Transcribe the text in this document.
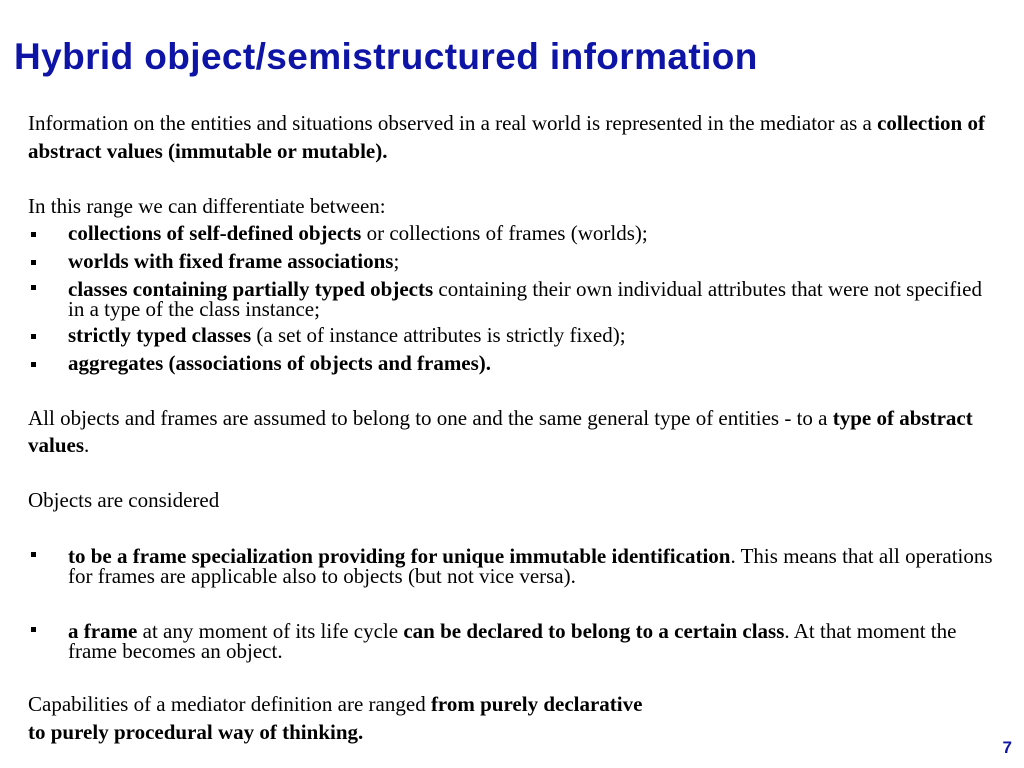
Hybrid object/semistructured information

Information on the entities and situations observed in a real world is represented in the mediator as a collection of abstract values (immutable or mutable).

In this range we can differentiate between:

collections of self-defined objects or collections of frames (worlds);
worlds with fixed frame associations;
classes containing partially typed objects containing their own individual attributes that were not specified in a type of the class instance;
strictly typed classes (a set of instance attributes is strictly fixed);
aggregates (associations of objects and frames).

All objects and frames are assumed to belong to one and the same general type of entities - to a type of abstract values.

Objects are considered

to be a frame specialization providing for unique immutable identification. This means that all operations for frames are applicable also to objects (but not vice versa).
a frame at any moment of its life cycle can be declared to belong to a certain class. At that moment the frame becomes an object.

Capabilities of a mediator definition are ranged from purely declarative

to purely procedural way of thinking.

7
